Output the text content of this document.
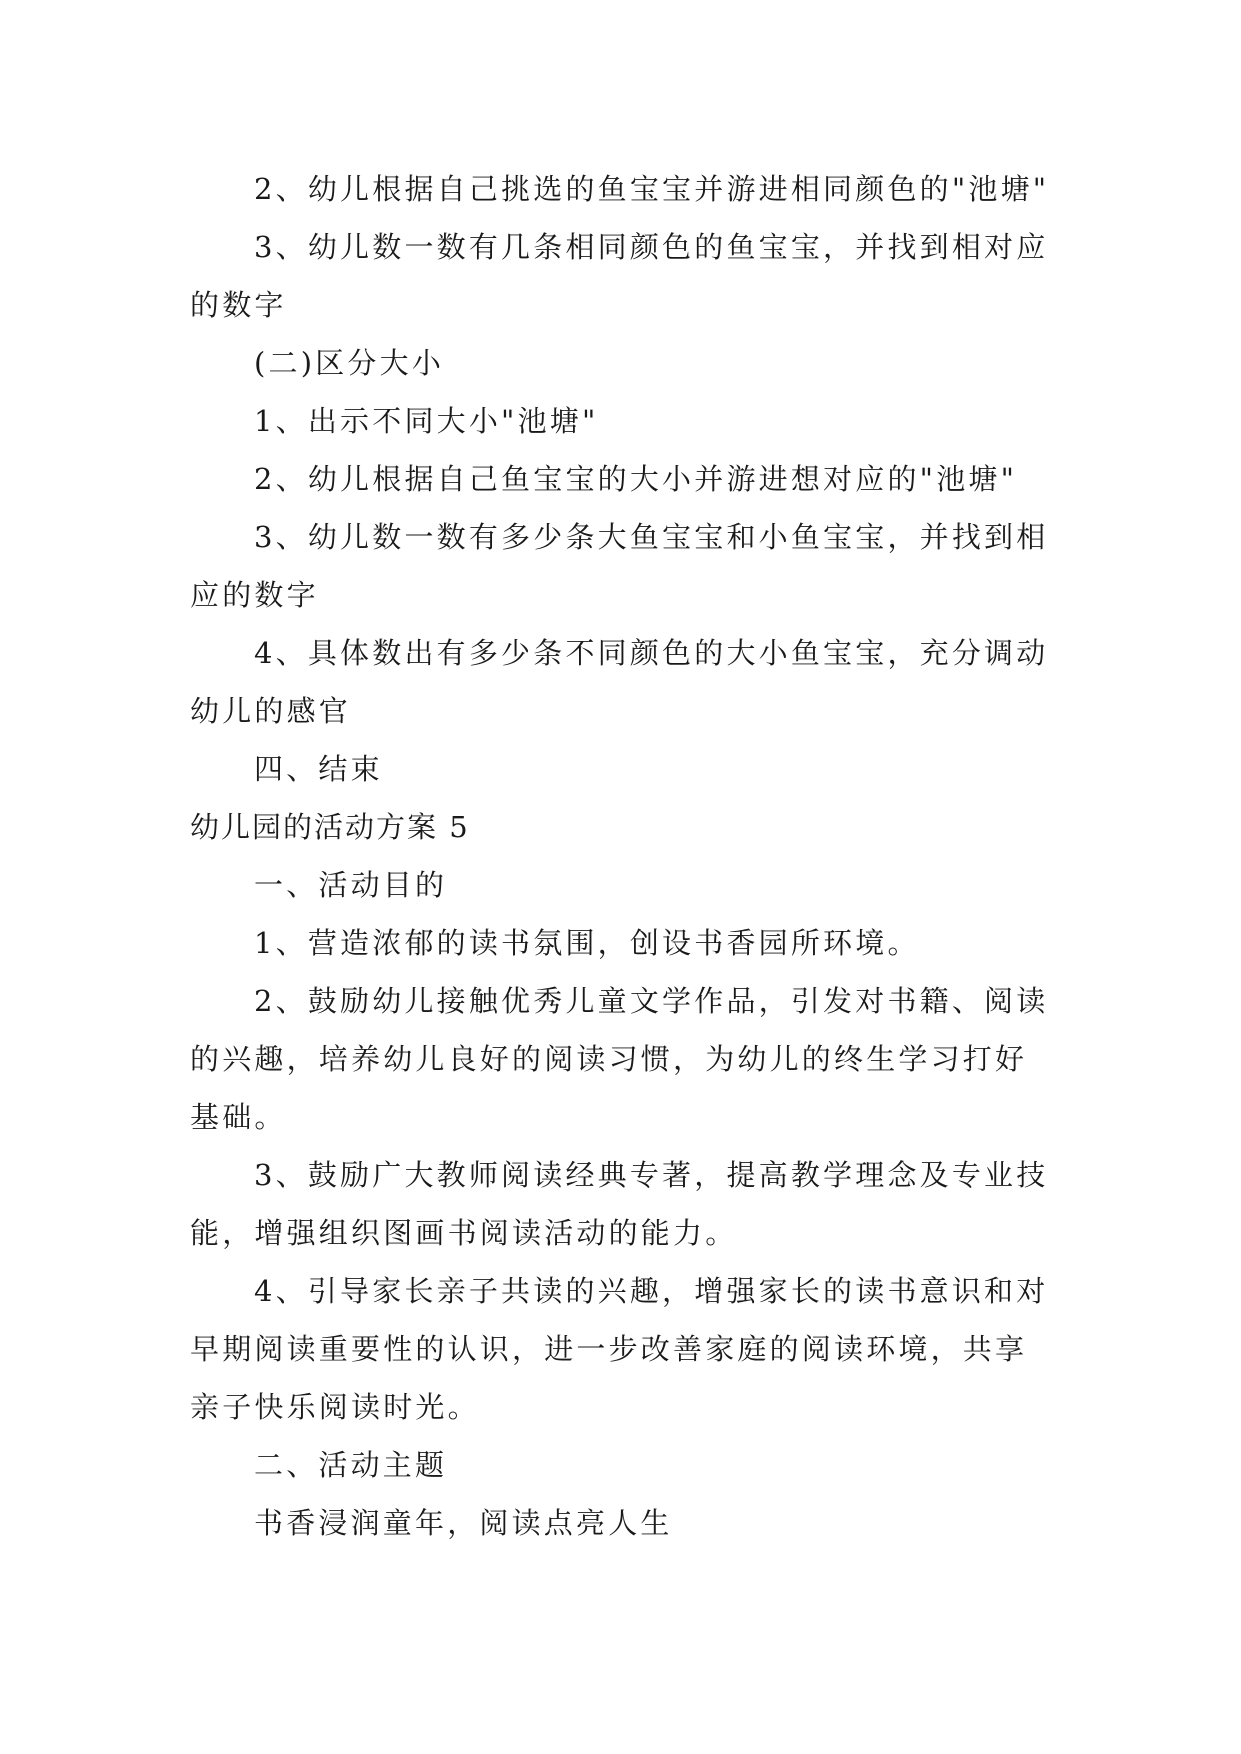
2、幼儿根据自己挑选的鱼宝宝并游进相同颜色的"池塘"

3、幼儿数一数有几条相同颜色的鱼宝宝，并找到相对应的数字

(二)区分大小

1、出示不同大小"池塘"

2、幼儿根据自己鱼宝宝的大小并游进想对应的"池塘"

3、幼儿数一数有多少条大鱼宝宝和小鱼宝宝，并找到相应的数字

4、具体数出有多少条不同颜色的大小鱼宝宝，充分调动幼儿的感官

四、结束

幼儿园的活动方案 5

一、活动目的

1、营造浓郁的读书氛围，创设书香园所环境。

2、鼓励幼儿接触优秀儿童文学作品，引发对书籍、阅读的兴趣，培养幼儿良好的阅读习惯，为幼儿的终生学习打好基础。

3、鼓励广大教师阅读经典专著，提高教学理念及专业技能，增强组织图画书阅读活动的能力。

4、引导家长亲子共读的兴趣，增强家长的读书意识和对早期阅读重要性的认识，进一步改善家庭的阅读环境，共享亲子快乐阅读时光。

二、活动主题

书香浸润童年，阅读点亮人生
